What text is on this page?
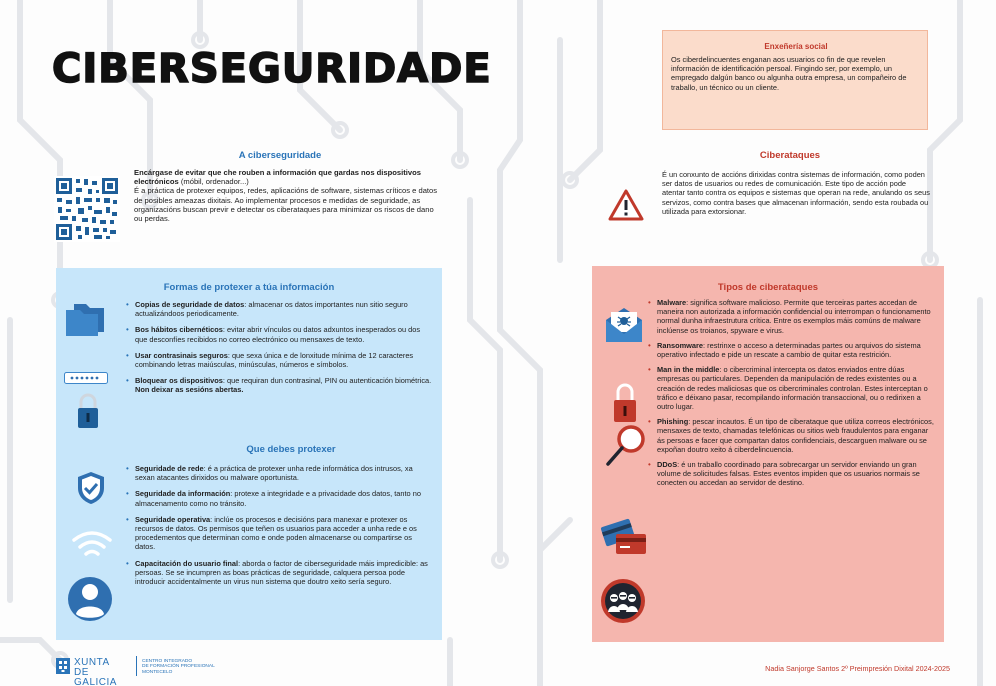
CIBERSEGURIDADE
A ciberseguridade
Encárgase de evitar que che rouben a información que gardas nos dispositivos electrónicos (móbil, ordenador...)
É a práctica de protexer equipos, redes, aplicacións de software, sistemas críticos e datos de posibles ameazas dixitais. Ao implementar procesos e medidas de seguridade, as organizacións buscan previr e detectar os ciberataques para minimizar os riscos de dano ou perdas.
Formas de protexer a túa información
• Copias de seguridade de datos: almacenar os datos importantes nun sitio seguro actualizándoos periodicamente.
• Bos hábitos cibernéticos: evitar abrir vínculos ou datos adxuntos inesperados ou dos que desconfíes recibidos no correo electrónico ou mensaxes de texto.
• Usar contrasinais seguros: que sexa única e de lonxitude mínima de 12 caracteres combinando letras maiúsculas, minúsculas, números e símbolos.
• Bloquear os dispositivos: que requiran dun contrasinal, PIN ou autenticación biométrica. Non deixar as sesións abertas.
Que debes protexer
• Seguridade de rede: é a práctica de protexer unha rede informática dos intrusos, xa sexan atacantes dirixidos ou malware oportunista.
• Seguridade da información: protexe a integridade e a privacidade dos datos, tanto no almacenamento como no tránsito.
• Seguridade operativa: inclúe os procesos e decisións para manexar e protexer os recursos de datos. Os permisos que teñen os usuarios para acceder a unha rede e os procedementos que determinan como e onde poden almacenarse ou compartirse os datos.
• Capacitación do usuario final: aborda o factor de ciberseguridade máis impredicible: as persoas. Se se incumpren as boas prácticas de seguridade, calquera persoa pode introducir accidentalmente un virus nun sistema que doutro xeito sería seguro.
Enxeñería social
Os ciberdelincuentes enganan aos usuarios co fin de que revelen información de identificación persoal. Fingindo ser, por exemplo, un empregado dalgún banco ou algunha outra empresa, un compañeiro de traballo, un técnico ou un cliente.
Ciberataques
É un conxunto de accións dirixidas contra sistemas de información, como poden ser datos de usuarios ou redes de comunicación. Este tipo de acción pode atentar tanto contra os equipos e sistemas que operan na rede, anulando os seus servizos, como contra bases que almacenan información, sendo esta roubada ou utilizada para extorsionar.
Tipos de ciberataques
• Malware: significa software malicioso. Permite que terceiras partes accedan de maneira non autorizada a información confidencial ou interrompan o funcionamento normal dunha infraestrutura crítica. Entre os exemplos máis comúns de malware inclúense os troianos, spyware e virus.
• Ransomware: restrinxe o acceso a determinadas partes ou arquivos do sistema operativo infectado e pide un rescate a cambio de quitar esta restrición.
• Man in the middle: o cibercriminal intercepta os datos enviados entre dúas empresas ou particulares. Dependen da manipulación de redes existentes ou a creación de redes maliciosas que os cibercriminales controlan. Estes interceptan o tráfico e déixano pasar, recompilando información transaccional, ou o redirixen a outro lugar.
• Phishing: pescar incautos. É un tipo de ciberataque que utiliza correos electrónicos, mensaxes de texto, chamadas telefónicas ou sitios web fraudulentos para enganar ás persoas e facer que compartan datos confidenciais, descarguen malware ou se expoñan doutro xeito á ciberdelincuencia.
• DDoS: é un traballo coordinado para sobrecargar un servidor enviando un gran volume de solicitudes falsas. Estes eventos impiden que os usuarios normais se conecten ou accedan ao servidor de destino.
XUNTA
DE GALICIA
CENTRO INTEGRADO
DE FORMACIÓN PROFESIONAL
MONTECELO	Nadia Sanjorge Santos 2º Preimpresión Dixital 2024-2025
